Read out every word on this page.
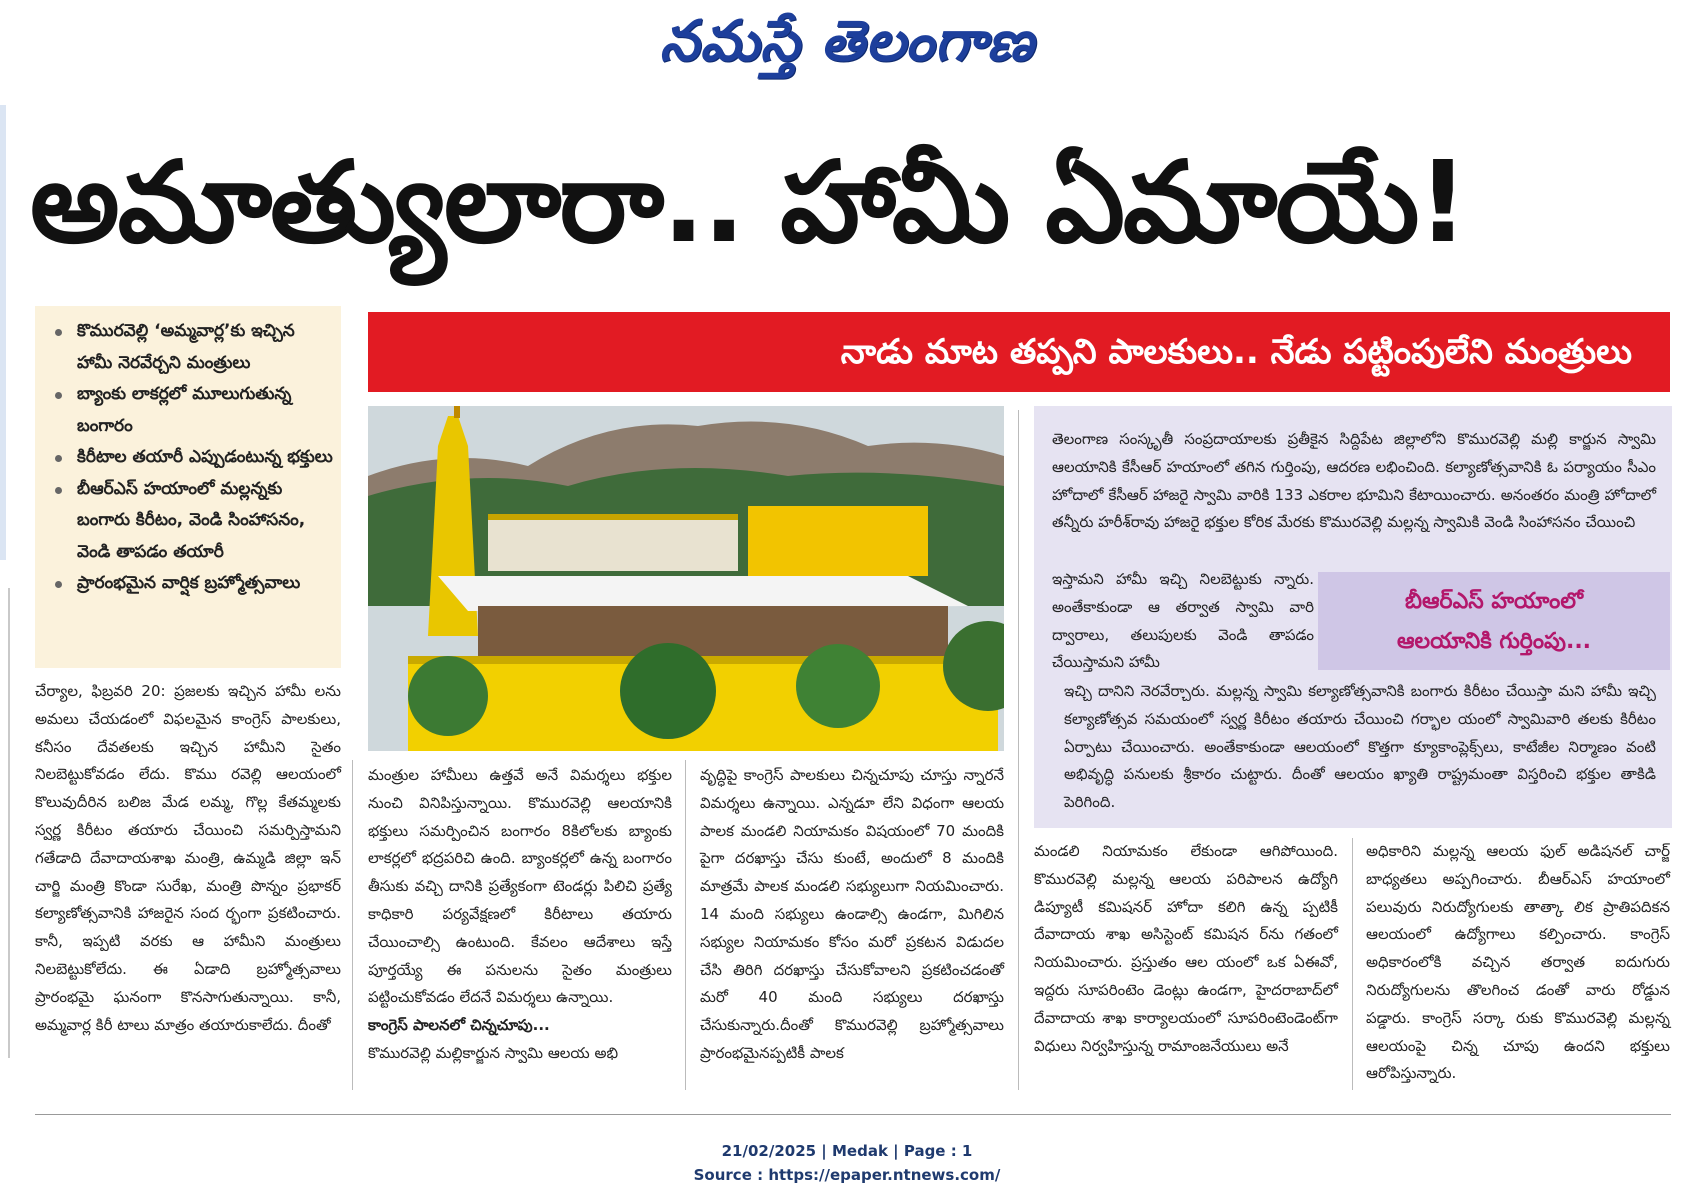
నమస్తే తెలంగాణ
అమాత్యులారా.. హామీ ఏమాయే!
నాడు మాట తప్పని పాలకులు.. నేడు పట్టింపులేని మంత్రులు
కొమురవెల్లి ‘అమ్మవార్ల’కు ఇచ్చిన హామీ నెరవేర్చని మంత్రులు
బ్యాంకు లాకర్లలో మూలుగుతున్న బంగారం
కిరీటాల తయారీ ఎప్పుడంటున్న భక్తులు
బీఆర్‌ఎస్‌ హయాంలో మల్లన్నకు బంగారు కిరీటం, వెండి సింహాసనం, వెండి తాపడం తయారీ
ప్రారంభమైన వార్షిక బ్రహ్మోత్సవాలు

తెలంగాణ సంస్కృతీ సంప్రదాయాలకు ప్రతీకైన సిద్దిపేట జిల్లాలోని కొమురవెల్లి మల్లి కార్జున స్వామి ఆలయానికి కేసీఆర్‌ హయాంలో తగిన గుర్తింపు, ఆదరణ లభించింది. కల్యాణోత్సవానికి ఓ పర్యాయం సీఎం హోదాలో కేసీఆర్‌ హాజరై స్వామి వారికి 133 ఎకరాల భూమిని కేటాయించారు. అనంతరం మంత్రి హోదాలో తన్నీరు హరీశ్‌రావు హాజరై భక్తుల కోరిక మేరకు కొమురవెల్లి మల్లన్న స్వామికి వెండి సింహాసనం చేయించి

ఇస్తామని హామీ ఇచ్చి నిలబెట్టుకు న్నారు. అంతేకాకుండా ఆ తర్వాత స్వామి వారి ద్వారాలు, తలుపులకు వెండి తాపడం చేయిస్తామని హామీ

ఇచ్చి దానిని నెరవేర్చారు. మల్లన్న స్వామి కల్యాణోత్సవానికి బంగారు కిరీటం చేయిస్తా మని హామీ ఇచ్చి కల్యాణోత్సవ సమయంలో స్వర్ణ కిరీటం తయారు చేయించి గర్భాల యంలో స్వామివారి తలకు కిరీటం ఏర్పాటు చేయించారు. అంతేకాకుండా ఆలయంలో కొత్తగా క్యూకాంప్లెక్స్‌లు, కాటేజీల నిర్మాణం వంటి అభివృద్ధి పనులకు శ్రీకారం చుట్టారు. దీంతో ఆలయం ఖ్యాతి రాష్ట్రమంతా విస్తరించి భక్తుల తాకిడి పెరిగింది.

బీఆర్‌ఎస్‌ హయాంలో
ఆలయానికి గుర్తింపు...

చేర్యాల, ఫిబ్రవరి 20: ప్రజలకు ఇచ్చిన హామీ లను అమలు చేయడంలో విఫలమైన కాంగ్రెస్‌ పాలకులు, కనీసం దేవతలకు ఇచ్చిన హామీని సైతం నిలబెట్టుకోవడం లేదు. కొము రవెల్లి ఆలయంలో కొలువుదీరిన బలిజ మేడ లమ్మ, గొల్ల కేతమ్మలకు స్వర్ణ కిరీటం తయారు చేయించి సమర్పిస్తామని గతేడాది దేవాదాయశాఖ మంత్రి, ఉమ్మడి జిల్లా ఇన్‌ చార్జి మంత్రి కొండా సురేఖ, మంత్రి పొన్నం ప్రభాకర్‌ కల్యాణోత్సవానికి హాజరైన సంద ర్భంగా ప్రకటించారు. కానీ, ఇప్పటి వరకు ఆ హామీని మంత్రులు నిలబెట్టుకోలేదు. ఈ ఏడాది బ్రహ్మోత్సవాలు ప్రారంభమై ఘనంగా కొనసాగుతున్నాయి. కానీ, అమ్మవార్ల కిరీ టాలు మాత్రం తయారుకాలేదు. దీంతో

మంత్రుల హామీలు ఉత్తవే అనే విమర్శలు భక్తుల నుంచి వినిపిస్తున్నాయి. కొమురవెల్లి ఆలయానికి భక్తులు సమర్పించిన బంగారం 8కిలోలకు బ్యాంకు లాకర్లలో భద్రపరిచి ఉంది. బ్యాంకర్లలో ఉన్న బంగారం తీసుకు వచ్చి దానికి ప్రత్యేకంగా టెండర్లు పిలిచి ప్రత్యే కాధికారి పర్యవేక్షణలో కిరీటాలు తయారు చేయించాల్సి ఉంటుంది. కేవలం ఆదేశాలు ఇస్తే పూర్తయ్యే ఈ పనులను సైతం మంత్రులు పట్టించుకోవడం లేదనే విమర్శలు ఉన్నాయి.

కాంగ్రెస్‌ పాలనలో చిన్నచూపు...

కొమురవెల్లి మల్లికార్జున స్వామి ఆలయ అభి

వృద్ధిపై కాంగ్రెస్‌ పాలకులు చిన్నచూపు చూస్తు న్నారనే విమర్శలు ఉన్నాయి. ఎన్నడూ లేని విధంగా ఆలయ పాలక మండలి నియామకం విషయంలో 70 మందికి పైగా దరఖాస్తు చేసు కుంటే, అందులో 8 మందికి మాత్రమే పాలక మండలి సభ్యులుగా నియమించారు. 14 మంది సభ్యులు ఉండాల్సి ఉండగా, మిగిలిన సభ్యుల నియామకం కోసం మరో ప్రకటన విడుదల చేసి తిరిగి దరఖాస్తు చేసుకోవాలని ప్రకటించడంతో మరో 40 మంది సభ్యులు దరఖాస్తు చేసుకున్నారు.దీంతో కొమురవెల్లి బ్రహ్మోత్సవాలు ప్రారంభమైనప్పటికీ పాలక

మండలి నియామకం లేకుండా ఆగిపోయింది. కొమురవెల్లి మల్లన్న ఆలయ పరిపాలన ఉద్యోగి డిప్యూటీ కమిషనర్‌ హోదా కలిగి ఉన్న ప్పటికీ దేవాదాయ శాఖ అసిస్టెంట్‌ కమిషన ర్‌ను గతంలో నియమించారు. ప్రస్తుతం ఆల యంలో ఒక ఏఈవో, ఇద్దరు సూపరింటెం డెంట్లు ఉండగా, హైదరాబాద్‌లో దేవాదాయ శాఖ కార్యాలయంలో సూపరింటెండెంట్‌గా విధులు నిర్వహిస్తున్న రామాంజనేయులు అనే

అధికారిని మల్లన్న ఆలయ ఫుల్‌ అడిషనల్‌ చార్జ్‌ బాధ్యతలు అప్పగించారు. బీఆర్‌ఎస్‌ హయాంలో పలువురు నిరుద్యోగులకు తాత్కా లిక ప్రాతిపదికన ఆలయంలో ఉద్యోగాలు కల్పించారు. కాంగ్రెస్‌ అధికారంలోకి వచ్చిన తర్వాత ఐదుగురు నిరుద్యోగులను తొలగించ డంతో వారు రోడ్డున పడ్డారు. కాంగ్రెస్‌ సర్కా రుకు కొమురవెల్లి మల్లన్న ఆలయంపై చిన్న చూపు ఉందని భక్తులు ఆరోపిస్తున్నారు.

21/02/2025 | Medak | Page : 1
Source : https://epaper.ntnews.com/
